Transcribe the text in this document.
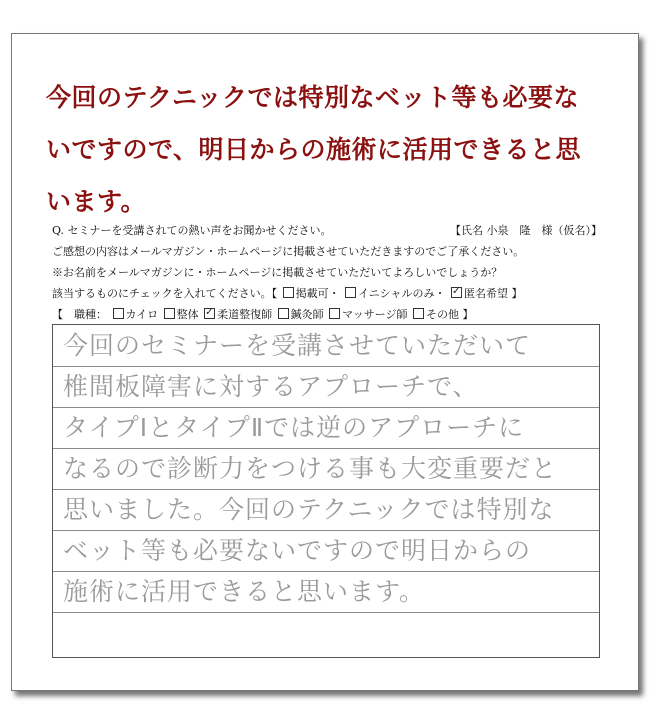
今回のテクニックでは特別なベット等も必要な
いですので、明日からの施術に活用できると思
います。
Q. セミナーを受講されての熱い声をお聞かせください。	【氏名 小泉　隆　様（仮名）】
ご感想の内容はメールマガジン・ホームページに掲載させていただきますのでご了承ください。
※お名前をメールマガジンに・ホームページに掲載させていただいてよろしいでしょうか？
該当するものにチェックを入れてください。【 掲載可・ イニシャルのみ・ ✓ 匿名希望 】
【　職種： カイロ 整体 ✓ 柔道整復師 鍼灸師 マッサージ師 その他 】
今回のセミナーを受講させていただいて
椎間板障害に対するアプローチで、
タイプⅠとタイプⅡでは逆のアプローチに
なるので診断力をつける事も大変重要だと
思いました。今回のテクニックでは特別な
ベット等も必要ないですので明日からの
施術に活用できると思います。
